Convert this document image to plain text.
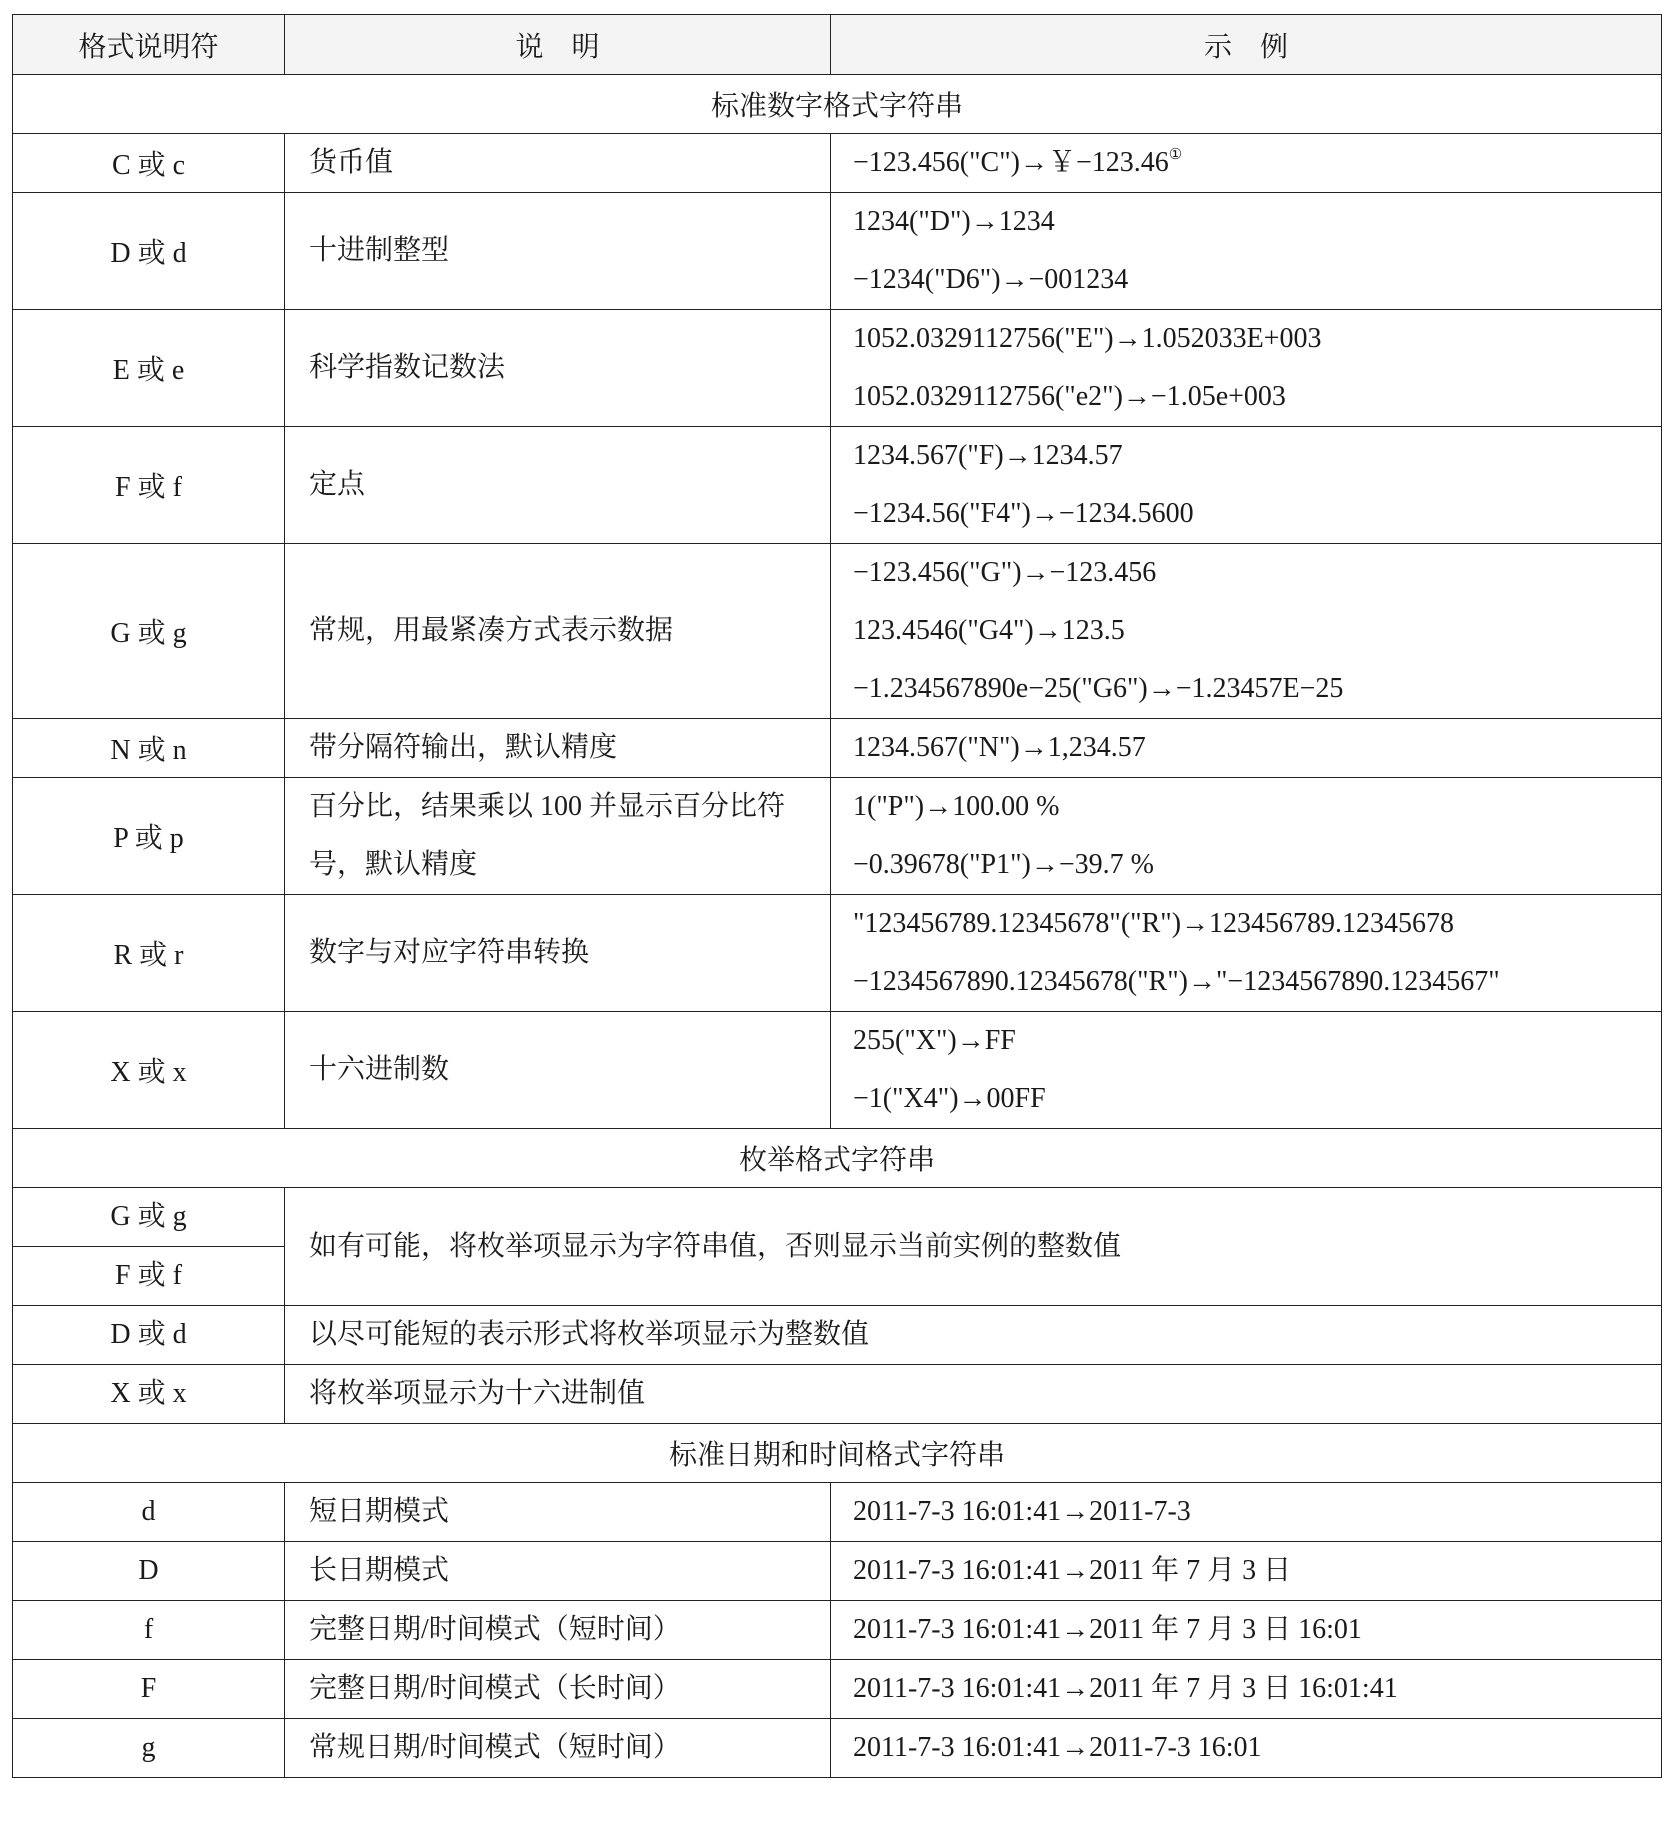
格式说明符	说　明	示　例
标准数字格式字符串		
C 或 c	货币值	−123.456("C")→￥−123.46①

D 或 d	十进制整型	1234("D")→1234
−1234("D6")→−001234

E 或 e	科学指数记数法	1052.0329112756("E")→1.052033E+003
1052.0329112756("e2")→−1.05e+003

F 或 f	定点	1234.567("F)→1234.57
−1234.56("F4")→−1234.5600

G 或 g	常规，用最紧凑方式表示数据	−123.456("G")→−123.456
123.4546("G4")→123.5
−1.234567890e−25("G6")→−1.23457E−25

N 或 n	带分隔符输出，默认精度	1234.567("N")→1,234.57

P 或 p	百分比，结果乘以 100 并显示百分比符号，默认精度	1("P")→100.00 %
−0.39678("P1")→−39.7 %

R 或 r	数字与对应字符串转换	"123456789.12345678"("R")→123456789.12345678
−1234567890.12345678("R")→"−1234567890.1234567"

X 或 x	十六进制数	255("X")→FF
−1("X4")→00FF

枚举格式字符串		
G 或 g	如有可能，将枚举项显示为字符串值，否则显示当前实例的整数值	
F 或 f		
D 或 d	以尽可能短的表示形式将枚举项显示为整数值	
X 或 x	将枚举项显示为十六进制值	
标准日期和时间格式字符串		
d	短日期模式	2011-7-3 16:01:41→2011-7-3
D	长日期模式	2011-7-3 16:01:41→2011 年 7 月 3 日
f	完整日期/时间模式（短时间）	2011-7-3 16:01:41→2011 年 7 月 3 日 16:01
F	完整日期/时间模式（长时间）	2011-7-3 16:01:41→2011 年 7 月 3 日 16:01:41
g	常规日期/时间模式（短时间）	2011-7-3 16:01:41→2011-7-3 16:01
